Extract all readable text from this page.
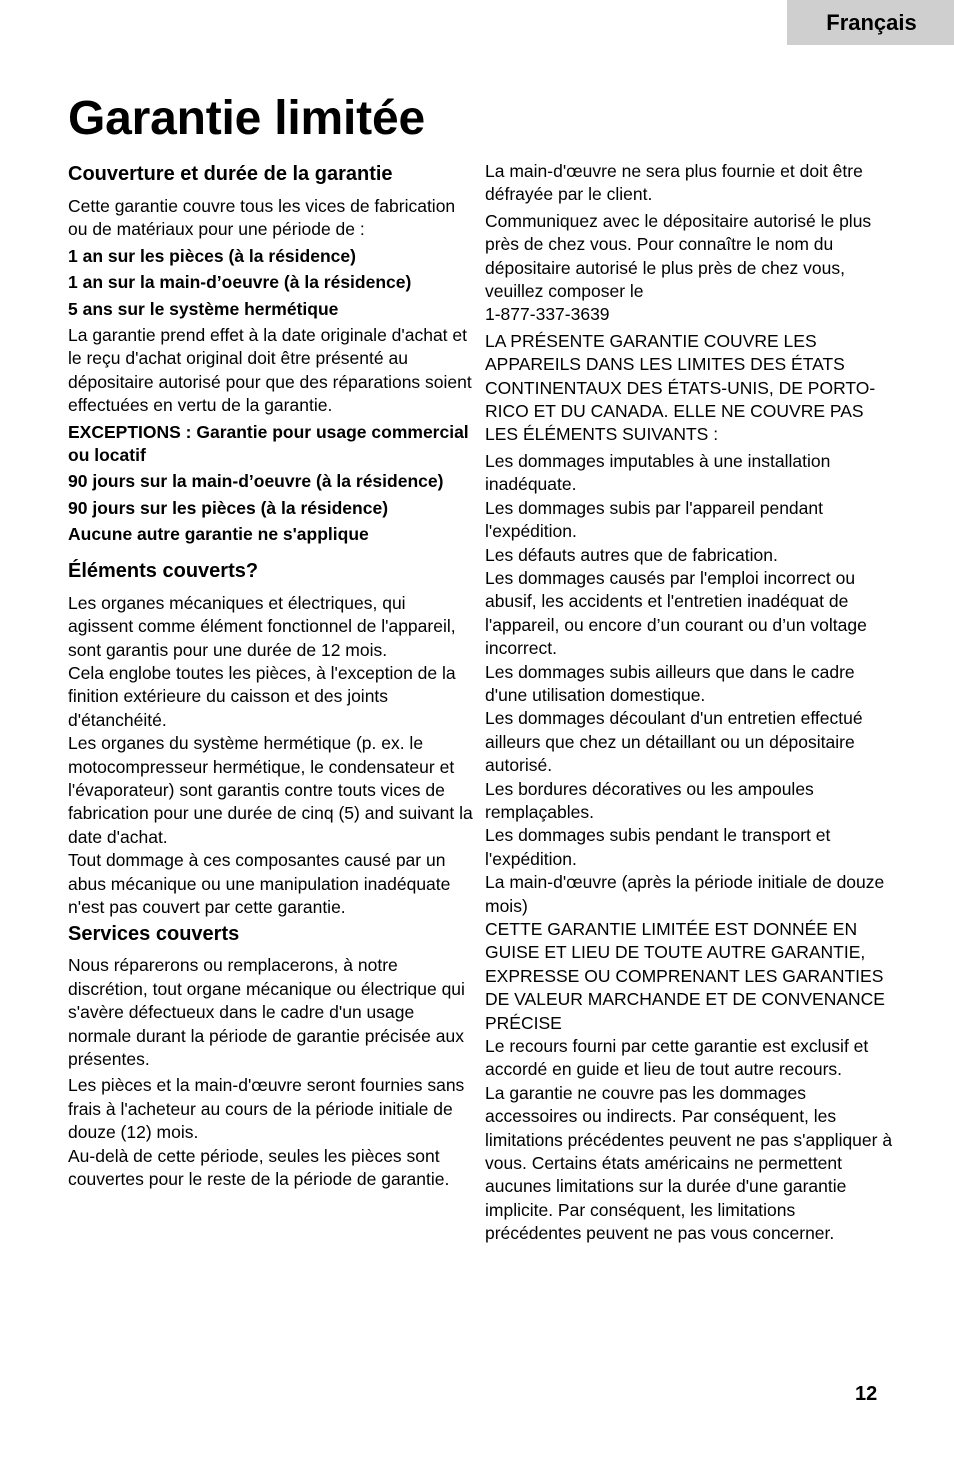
Français
Garantie limitée
Couverture et durée de la garantie

Cette garantie couvre tous les vices de fabrication ou de matériaux pour une période de :

1 an sur les pièces (à la résidence)

1 an sur la main-d’oeuvre (à la résidence)

5 ans sur le système hermétique

La garantie prend effet à la date originale d'achat et le reçu d'achat original doit être présenté au dépositaire autorisé pour que des réparations soient effectuées en vertu de la garantie.

EXCEPTIONS : Garantie pour usage commercial ou locatif

90 jours sur la main-d’oeuvre (à la résidence)

90 jours sur les pièces (à la résidence)

Aucune autre garantie ne s'applique

Éléments couverts?

Les organes mécaniques et électriques, qui agissent comme élément fonctionnel de l'appareil, sont garantis pour une durée de 12 mois.

Cela englobe toutes les pièces, à l'exception de la finition extérieure du caisson et des joints d'étanchéité.

Les organes du système hermétique (p. ex. le motocompresseur hermétique, le condensateur et l'évaporateur) sont garantis contre touts vices de fabrication pour une durée de cinq (5) and suivant la date d'achat.

Tout dommage à ces composantes causé par un abus mécanique ou une manipulation inadéquate n'est pas couvert par cette garantie.

Services couverts

Nous réparerons ou remplacerons, à notre discrétion, tout organe mécanique ou électrique qui s'avère défectueux dans le cadre d'un usage normale durant la période de garantie précisée aux présentes.

Les pièces et la main-d'œuvre seront fournies sans frais à l'acheteur au cours de la période initiale de douze (12) mois.

Au-delà de cette période, seules les pièces sont couvertes pour le reste de la période de garantie.

La main-d'œuvre ne sera plus fournie et doit être défrayée par le client.

Communiquez avec le dépositaire autorisé le plus près de chez vous. Pour connaître le nom du dépositaire autorisé le plus près de chez vous, veuillez composer le

1-877-337-3639

LA PRÉSENTE GARANTIE COUVRE LES APPAREILS DANS LES LIMITES DES ÉTATS CONTINENTAUX DES ÉTATS-UNIS, DE PORTO-RICO ET DU CANADA. ELLE NE COUVRE PAS LES ÉLÉMENTS SUIVANTS :

Les dommages imputables à une installation inadéquate.

Les dommages subis par l'appareil pendant l'expédition.

Les défauts autres que de fabrication.

Les dommages causés par l'emploi incorrect ou abusif, les accidents et l'entretien inadéquat de l'appareil, ou encore d’un courant ou d’un voltage incorrect.

Les dommages subis ailleurs que dans le cadre d'une utilisation domestique.

Les dommages découlant d'un entretien effectué ailleurs que chez un détaillant ou un dépositaire autorisé.

Les bordures décoratives ou les ampoules remplaçables.

Les dommages subis pendant le transport et l'expédition.

La main-d'œuvre (après la période initiale de douze mois)

CETTE GARANTIE LIMITÉE EST DONNÉE EN GUISE ET LIEU DE TOUTE AUTRE GARANTIE, EXPRESSE OU COMPRENANT LES GARANTIES DE VALEUR MARCHANDE ET DE CONVENANCE PRÉCISE

Le recours fourni par cette garantie est exclusif et accordé en guide et lieu de tout autre recours.

La garantie ne couvre pas les dommages accessoires ou indirects. Par conséquent, les limitations précédentes peuvent ne pas s'appliquer à vous. Certains états américains ne permettent aucunes limitations sur la durée d'une garantie implicite. Par conséquent, les limitations précédentes peuvent ne pas vous concerner.

12
